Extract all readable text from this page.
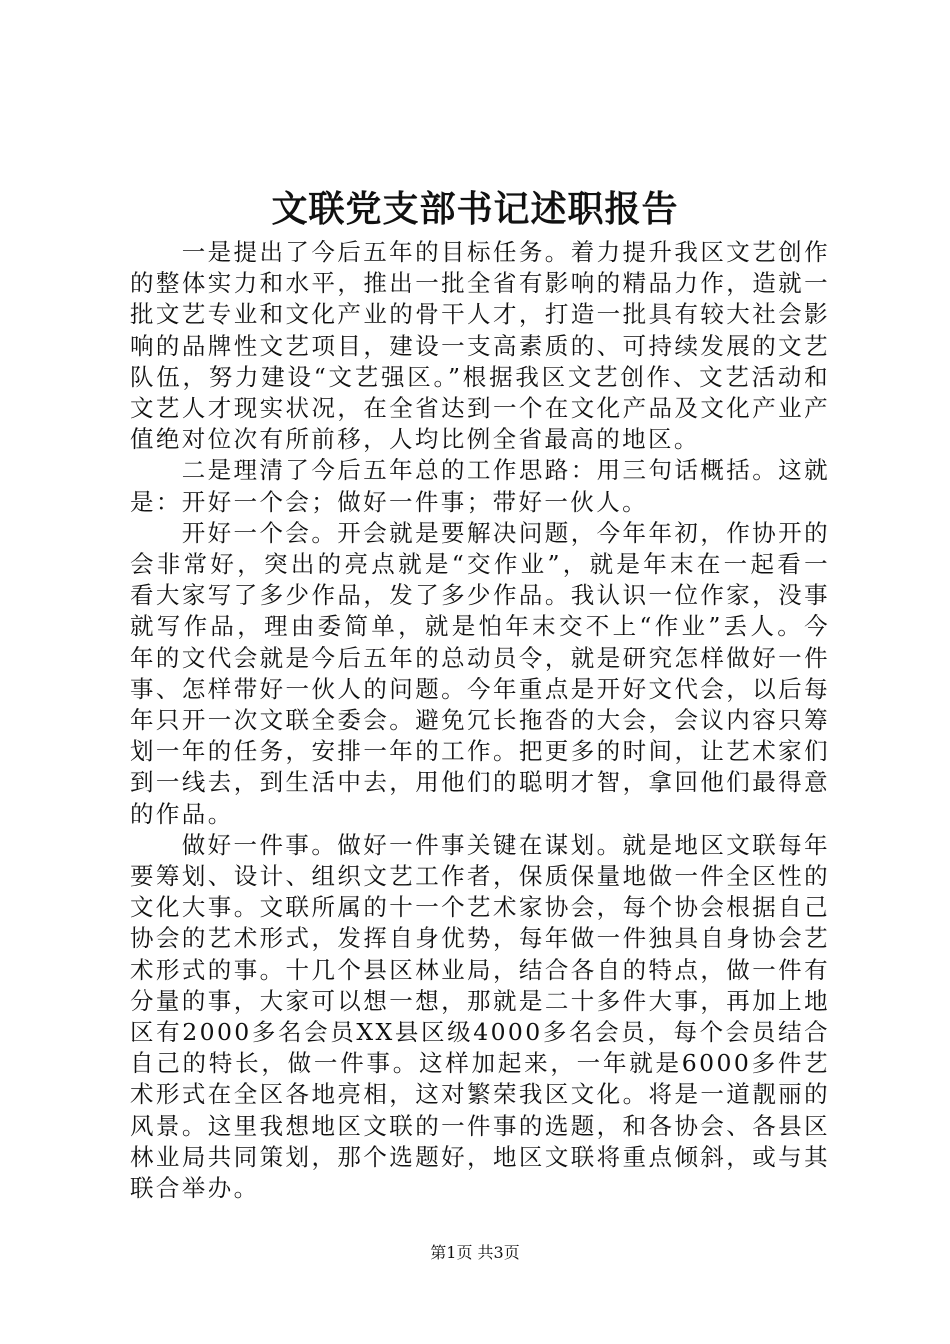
文联党支部书记述职报告

一是提出了今后五年的目标任务。着力提升我区文艺创作的整体实力和水平，推出一批全省有影响的精品力作，造就一批文艺专业和文化产业的骨干人才，打造一批具有较大社会影响的品牌性文艺项目，建设一支高素质的、可持续发展的文艺队伍，努力建设“文艺强区。”根据我区文艺创作、文艺活动和文艺人才现实状况，在全省达到一个在文化产品及文化产业产值绝对位次有所前移，人均比例全省最高的地区。

二是理清了今后五年总的工作思路：用三句话概括。这就是：开好一个会；做好一件事；带好一伙人。

开好一个会。开会就是要解决问题，今年年初，作协开的会非常好，突出的亮点就是“交作业”，就是年末在一起看一看大家写了多少作品，发了多少作品。我认识一位作家，没事就写作品，理由委简单，就是怕年末交不上“作业”丢人。今年的文代会就是今后五年的总动员令，就是研究怎样做好一件事、怎样带好一伙人的问题。今年重点是开好文代会，以后每年只开一次文联全委会。避免冗长拖沓的大会，会议内容只筹划一年的任务，安排一年的工作。把更多的时间，让艺术家们到一线去，到生活中去，用他们的聪明才智，拿回他们最得意的作品。

做好一件事。做好一件事关键在谋划。就是地区文联每年要筹划、设计、组织文艺工作者，保质保量地做一件全区性的文化大事。文联所属的十一个艺术家协会，每个协会根据自己协会的艺术形式，发挥自身优势，每年做一件独具自身协会艺术形式的事。十几个县区林业局，结合各自的特点，做一件有分量的事，大家可以想一想，那就是二十多件大事，再加上地区有2000多名会员XX县区级4000多名会员，每个会员结合自己的特长，做一件事。这样加起来，一年就是6000多件艺术形式在全区各地亮相，这对繁荣我区文化。将是一道靓丽的风景。这里我想地区文联的一件事的选题，和各协会、各县区林业局共同策划，那个选题好，地区文联将重点倾斜，或与其联合举办。

第1页 共3页
